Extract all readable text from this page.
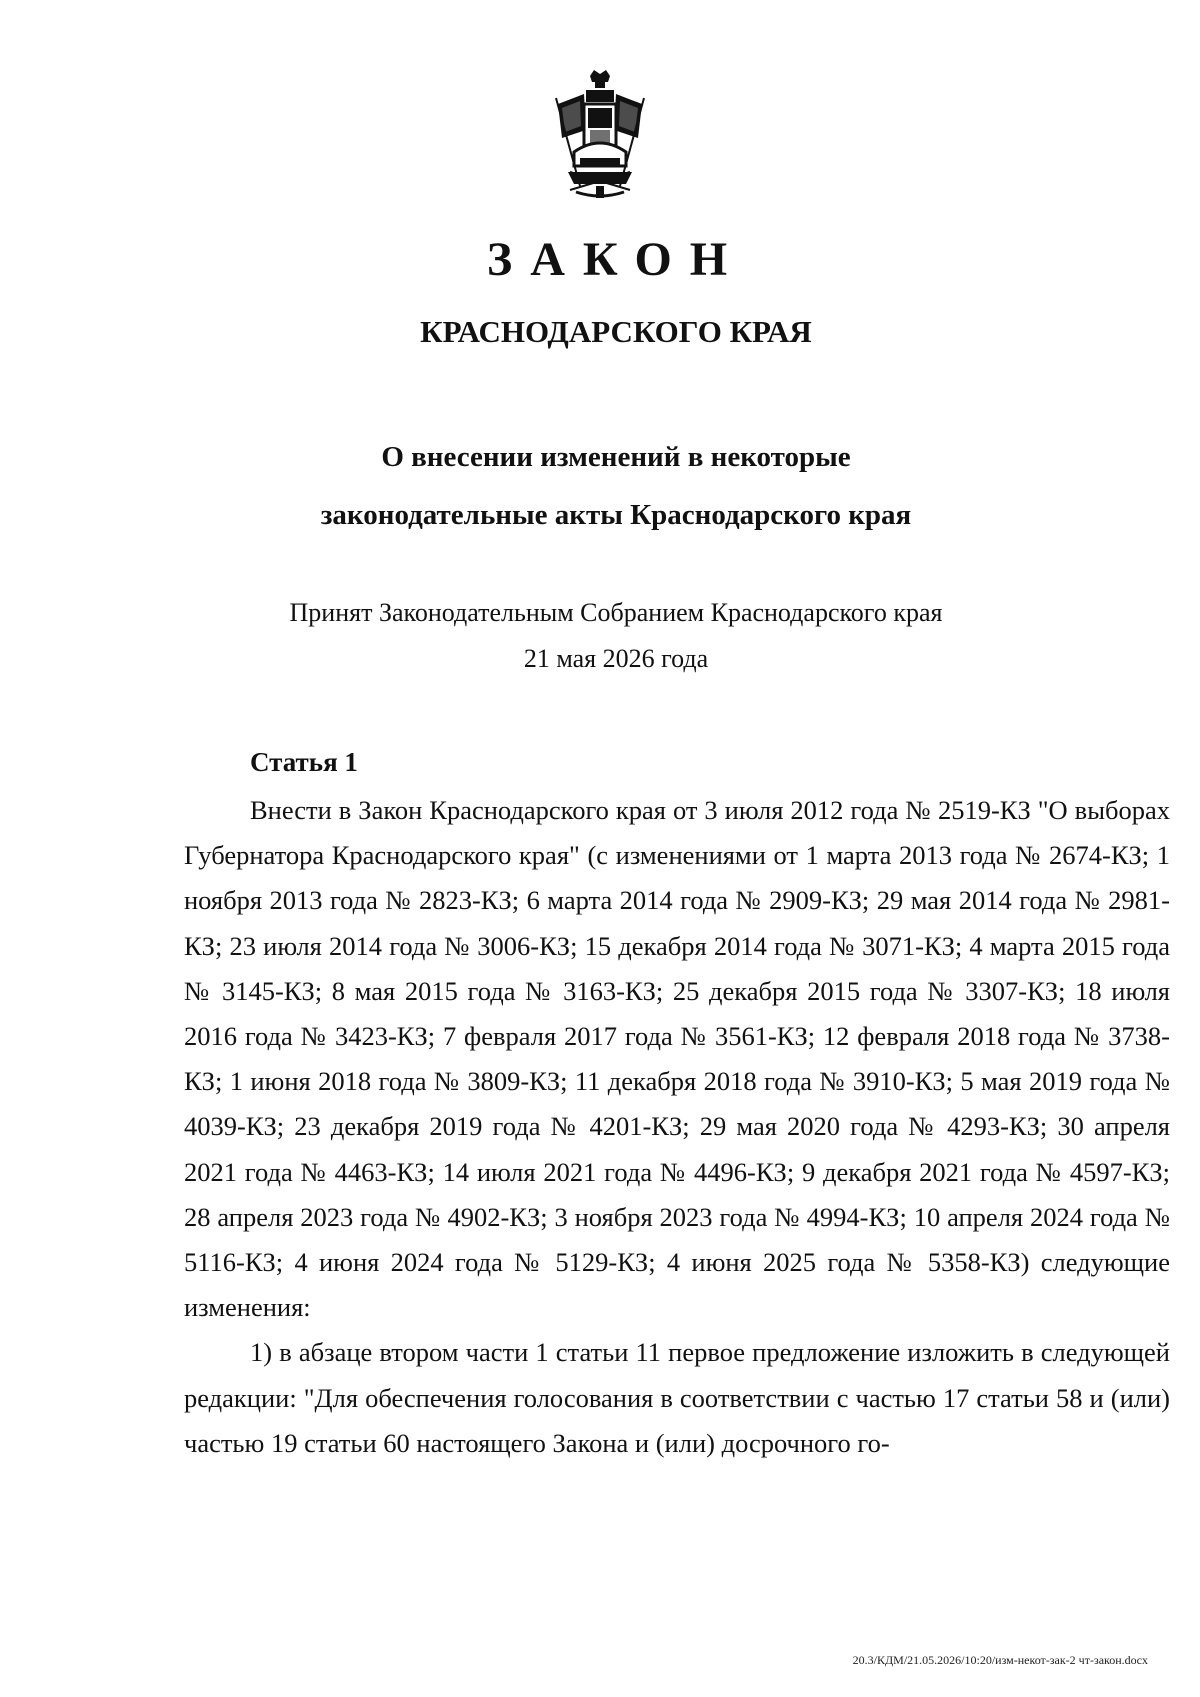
ЗАКОН
КРАСНОДАРСКОГО КРАЯ
О внесении изменений в некоторые
законодательные акты Краснодарского края
Принят Законодательным Собранием Краснодарского края
21 мая 2026 года
Статья 1

Внести в Закон Краснодарского края от 3 июля 2012 года № 2519-КЗ "О выборах Губернатора Краснодарского края" (с изменениями от 1 марта 2013 года № 2674-КЗ; 1 ноября 2013 года № 2823-КЗ; 6 марта 2014 года № 2909-КЗ; 29 мая 2014 года № 2981-КЗ; 23 июля 2014 года № 3006-КЗ; 15 декабря 2014 года № 3071-КЗ; 4 марта 2015 года № 3145-КЗ; 8 мая 2015 года № 3163-КЗ; 25 декабря 2015 года № 3307-КЗ; 18 июля 2016 года № 3423-КЗ; 7 февраля 2017 года № 3561-КЗ; 12 февраля 2018 года № 3738-КЗ; 1 июня 2018 года № 3809-КЗ; 11 декабря 2018 года № 3910-КЗ; 5 мая 2019 года № 4039-КЗ; 23 декабря 2019 года № 4201-КЗ; 29 мая 2020 года № 4293-КЗ; 30 апреля 2021 года № 4463-КЗ; 14 июля 2021 года № 4496-КЗ; 9 декабря 2021 года № 4597-КЗ; 28 апреля 2023 года № 4902-КЗ; 3 ноября 2023 года № 4994-КЗ; 10 апреля 2024 года № 5116-КЗ; 4 июня 2024 года № 5129-КЗ; 4 июня 2025 года № 5358-КЗ) следующие изменения:

1) в абзаце втором части 1 статьи 11 первое предложение изложить в следующей редакции: "Для обеспечения голосования в соответствии с частью 17 статьи 58 и (или) частью 19 статьи 60 настоящего Закона и (или) досрочного го-

20.3/КДМ/21.05.2026/10:20/изм-некот-зак-2 чт-закон.docx
